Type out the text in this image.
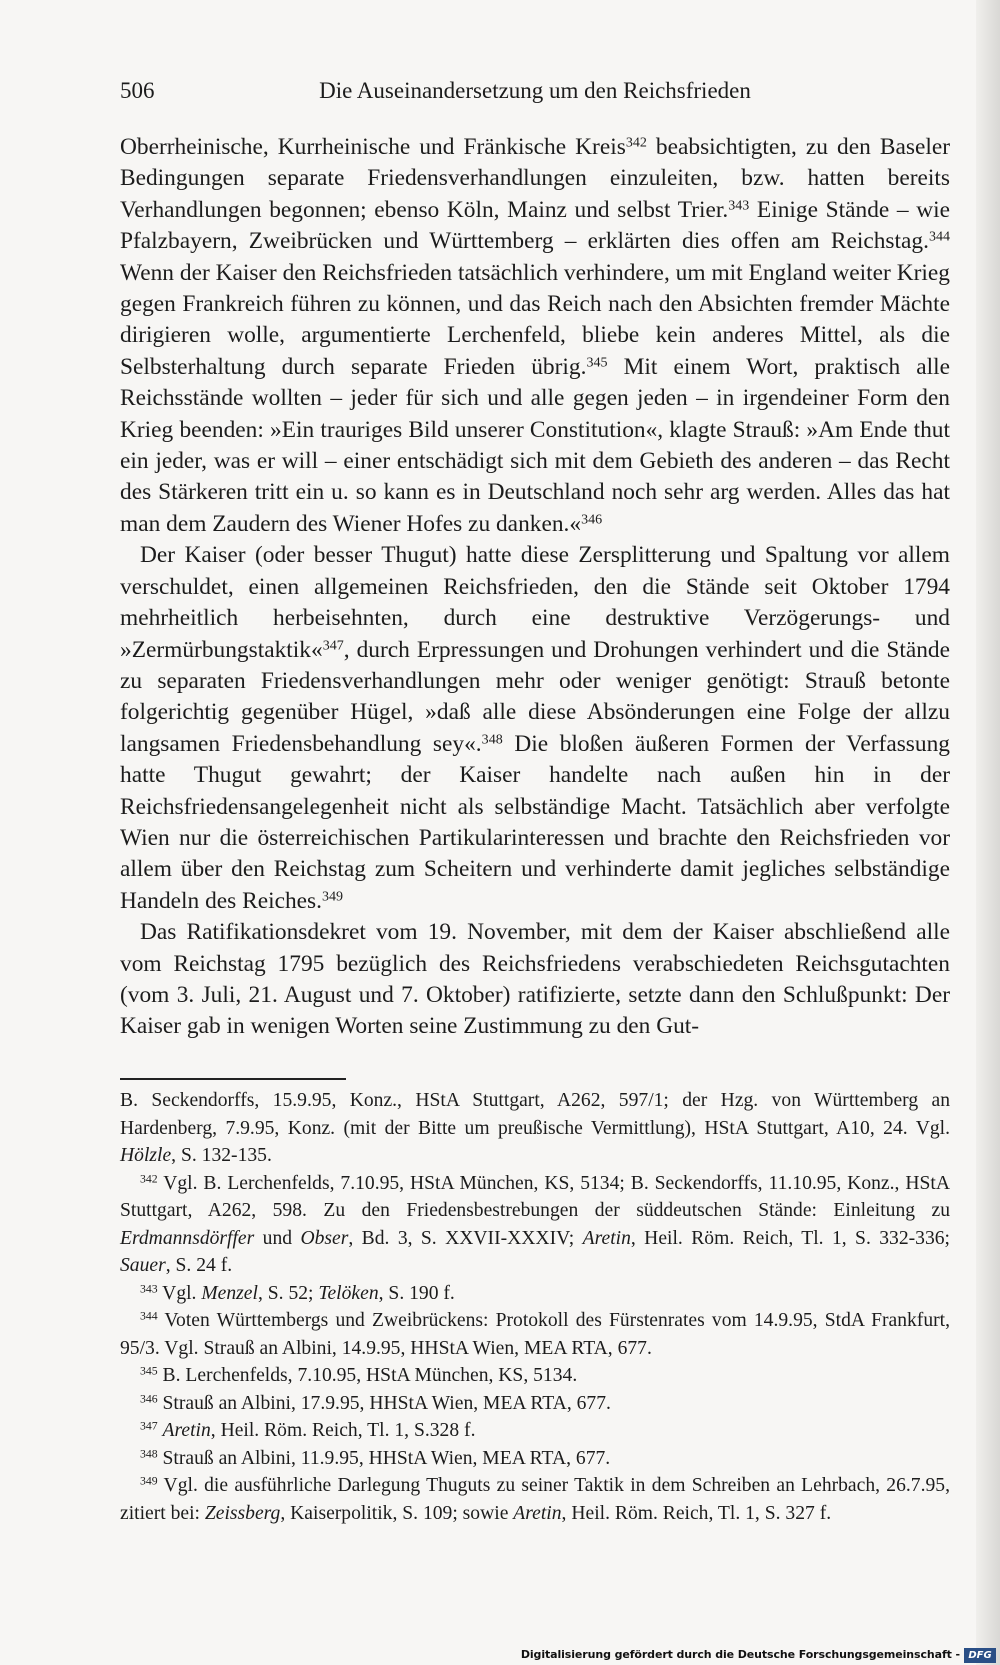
Die Auseinandersetzung um den Reichsfrieden
506

Oberrheinische, Kurrheinische und Fränkische Kreis$^{342}$ beabsichtigten, zu den Baseler Bedingungen separate Friedensverhandlungen einzuleiten, bzw. hatten bereits Verhandlungen begonnen; ebenso Köln, Mainz und selbst Trier.$^{343}$ Einige Stände – wie Pfalzbayern, Zweibrücken und Württemberg – erklärten dies offen am Reichstag.$^{344}$ Wenn der Kaiser den Reichsfrieden tatsächlich verhindere, um mit England weiter Krieg gegen Frankreich führen zu können, und das Reich nach den Absichten fremder Mächte dirigieren wolle, argumentierte Lerchenfeld, bliebe kein anderes Mittel, als die Selbsterhaltung durch separate Frieden übrig.$^{345}$ Mit einem Wort, praktisch alle Reichsstände wollten – jeder für sich und alle gegen jeden – in irgendeiner Form den Krieg beenden: »Ein trauriges Bild unserer Constitution«, klagte Strauß: »Am Ende thut ein jeder, was er will – einer entschädigt sich mit dem Gebieth des anderen – das Recht des Stärkeren tritt ein u. so kann es in Deutschland noch sehr arg werden. Alles das hat man dem Zaudern des Wiener Hofes zu danken.«$^{346}$

Der Kaiser (oder besser Thugut) hatte diese Zersplitterung und Spaltung vor allem verschuldet, einen allgemeinen Reichsfrieden, den die Stände seit Oktober 1794 mehrheitlich herbeisehnten, durch eine destruktive Verzögerungs- und »Zermürbungstaktik«$^{347}$, durch Erpressungen und Drohungen verhindert und die Stände zu separaten Friedensverhandlungen mehr oder weniger genötigt: Strauß betonte folgerichtig gegenüber Hügel, »daß alle diese Absönderungen eine Folge der allzu langsamen Friedensbehandlung sey«.$^{348}$ Die bloßen äußeren Formen der Verfassung hatte Thugut gewahrt; der Kaiser handelte nach außen hin in der Reichsfriedensangelegenheit nicht als selbständige Macht. Tatsächlich aber verfolgte Wien nur die österreichischen Partikularinteressen und brachte den Reichsfrieden vor allem über den Reichstag zum Scheitern und verhinderte damit jegliches selbständige Handeln des Reiches.$^{349}$

Das Ratifikationsdekret vom 19. November, mit dem der Kaiser abschließend alle vom Reichstag 1795 bezüglich des Reichsfriedens verabschiedeten Reichsgutachten (vom 3. Juli, 21. August und 7. Oktober) ratifizierte, setzte dann den Schlußpunkt: Der Kaiser gab in wenigen Worten seine Zustimmung zu den Gut-

B. Seckendorffs, 15.9.95, Konz., HStA Stuttgart, A262, 597/1; der Hzg. von Württemberg an Hardenberg, 7.9.95, Konz. (mit der Bitte um preußische Vermittlung), HStA Stuttgart, A10, 24. Vgl. Hölzle, S. 132-135.

$^{342}$ Vgl. B. Lerchenfelds, 7.10.95, HStA München, KS, 5134; B. Seckendorffs, 11.10.95, Konz., HStA Stuttgart, A262, 598. Zu den Friedensbestrebungen der süddeutschen Stände: Einleitung zu Erdmannsdörffer und Obser, Bd. 3, S. XXVII-XXXIV; Aretin, Heil. Röm. Reich, Tl. 1, S. 332-336; Sauer, S. 24 f.

$^{343}$ Vgl. Menzel, S. 52; Telöken, S. 190 f.

$^{344}$ Voten Württembergs und Zweibrückens: Protokoll des Fürstenrates vom 14.9.95, StdA Frankfurt, 95/3. Vgl. Strauß an Albini, 14.9.95, HHStA Wien, MEA RTA, 677.

$^{345}$ B. Lerchenfelds, 7.10.95, HStA München, KS, 5134.

$^{346}$ Strauß an Albini, 17.9.95, HHStA Wien, MEA RTA, 677.

$^{347}$ Aretin, Heil. Röm. Reich, Tl. 1, S.328 f.

$^{348}$ Strauß an Albini, 11.9.95, HHStA Wien, MEA RTA, 677.

$^{349}$ Vgl. die ausführliche Darlegung Thuguts zu seiner Taktik in dem Schreiben an Lehrbach, 26.7.95, zitiert bei: Zeissberg, Kaiserpolitik, S. 109; sowie Aretin, Heil. Röm. Reich, Tl. 1, S. 327 f.

Digitalisierung gefördert durch die Deutsche Forschungsgemeinschaft - DFG
